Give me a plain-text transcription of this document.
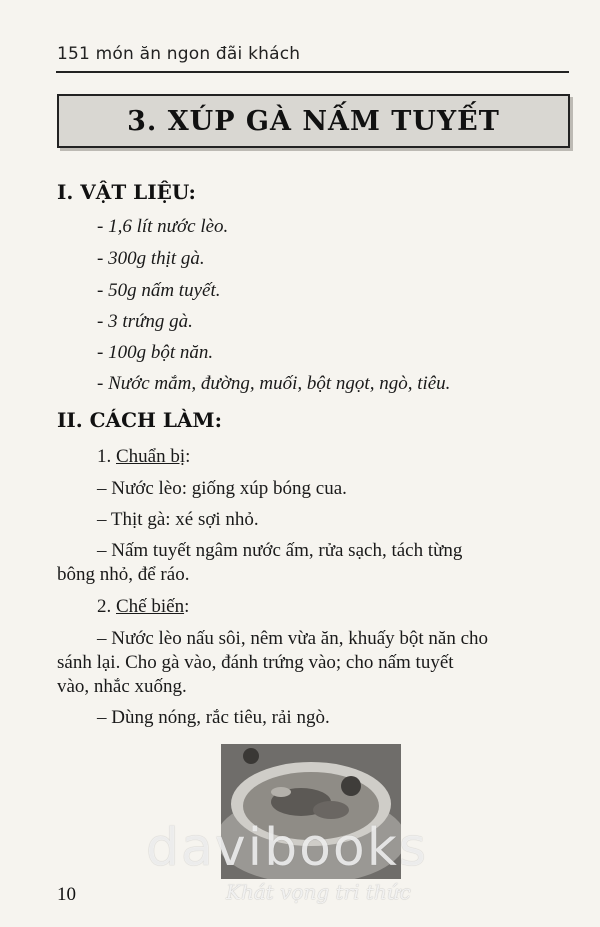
151 món ăn ngon đãi khách
3. XÚP GÀ NẤM TUYẾT
I. VẬT LIỆU:
- 1,6 lít nước lèo.
- 300g thịt gà.
- 50g nấm tuyết.
- 3 trứng gà.
- 100g bột năn.
- Nước mắm, đường, muối, bột ngọt, ngò, tiêu.
II. CÁCH LÀM:
1. Chuẩn bị:
– Nước lèo: giống xúp bóng cua.
– Thịt gà: xé sợi nhỏ.
– Nấm tuyết ngâm nước ấm, rửa sạch, tách từng
bông nhỏ, để ráo.
2. Chế biến:
– Nước lèo nấu sôi, nêm vừa ăn, khuấy bột năn cho
sánh lại. Cho gà vào, đánh trứng vào; cho nấm tuyết
vào, nhắc xuống.
– Dùng nóng, rắc tiêu, rải ngò.
10
davibooks
Khát vọng tri thức
